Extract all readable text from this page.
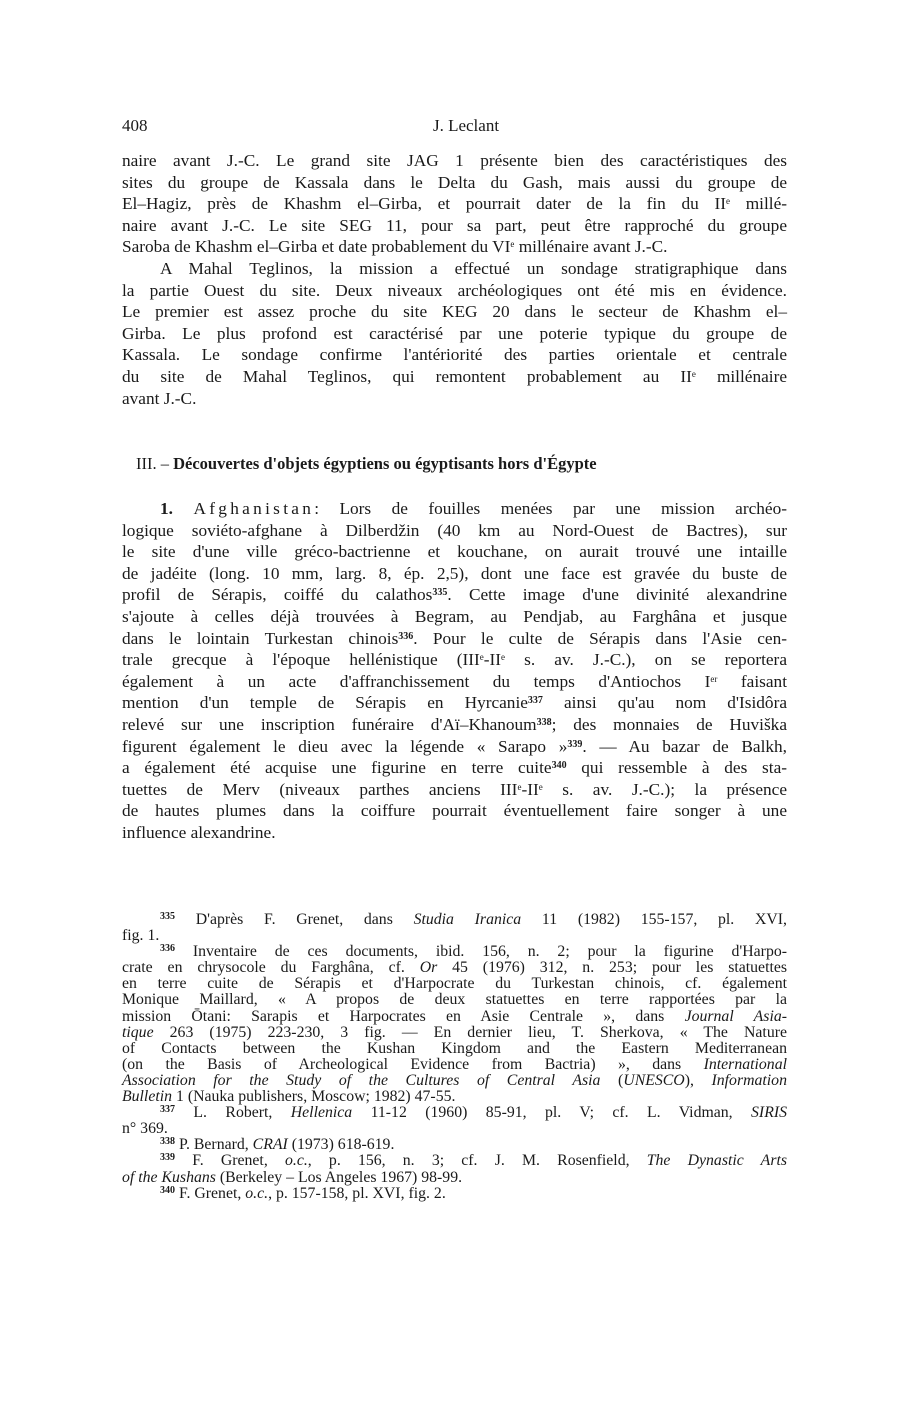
408	J. Leclant
naire avant J.-C. Le grand site JAG 1 présente bien des caractéristiques des
sites du groupe de Kassala dans le Delta du Gash, mais aussi du groupe de
El–Hagiz, près de Khashm el–Girba, et pourrait dater de la fin du IIe millé-
naire avant J.-C. Le site SEG 11, pour sa part, peut être rapproché du groupe
Saroba de Khashm el–Girba et date probablement du VIe millénaire avant J.-C.
A Mahal Teglinos, la mission a effectué un sondage stratigraphique dans
la partie Ouest du site. Deux niveaux archéologiques ont été mis en évidence.
Le premier est assez proche du site KEG 20 dans le secteur de Khashm el–
Girba. Le plus profond est caractérisé par une poterie typique du groupe de
Kassala. Le sondage confirme l'antériorité des parties orientale et centrale
du site de Mahal Teglinos, qui remontent probablement au IIe millénaire
avant J.-C.
III. – Découvertes d'objets égyptiens ou égyptisants hors d'Égypte
1. Afghanistan: Lors de fouilles menées par une mission archéo-
logique soviéto-afghane à Dilberdžin (40 km au Nord-Ouest de Bactres), sur
le site d'une ville gréco-bactrienne et kouchane, on aurait trouvé une intaille
de jadéite (long. 10 mm, larg. 8, ép. 2,5), dont une face est gravée du buste de
profil de Sérapis, coiffé du calathos$^{335}$. Cette image d'une divinité alexandrine
s'ajoute à celles déjà trouvées à Begram, au Pendjab, au Farghâna et jusque
dans le lointain Turkestan chinois$^{336}$. Pour le culte de Sérapis dans l'Asie cen-
trale grecque à l'époque hellénistique (IIIe-IIe s. av. J.-C.), on se reportera
également à un acte d'affranchissement du temps d'Antiochos Ier faisant
mention d'un temple de Sérapis en Hyrcanie$^{337}$ ainsi qu'au nom d'Isidôra
relevé sur une inscription funéraire d'Aï–Khanoum$^{338}$; des monnaies de Huviška
figurent également le dieu avec la légende « Sarapo »$^{339}$. — Au bazar de Balkh,
a également été acquise une figurine en terre cuite$^{340}$ qui ressemble à des sta-
tuettes de Merv (niveaux parthes anciens IIIe-IIe s. av. J.-C.); la présence
de hautes plumes dans la coiffure pourrait éventuellement faire songer à une
influence alexandrine.
$^{335}$ D'après F. Grenet, dans Studia Iranica 11 (1982) 155-157, pl. XVI,
fig. 1.
$^{336}$ Inventaire de ces documents, ibid. 156, n. 2; pour la figurine d'Harpo-
crate en chrysocole du Farghâna, cf. Or 45 (1976) 312, n. 253; pour les statuettes
en terre cuite de Sérapis et d'Harpocrate du Turkestan chinois, cf. également
Monique Maillard, « A propos de deux statuettes en terre rapportées par la
mission Ōtani: Sarapis et Harpocrates en Asie Centrale », dans Journal Asia-
tique 263 (1975) 223-230, 3 fig. — En dernier lieu, T. Sherkova, « The Nature
of Contacts between the Kushan Kingdom and the Eastern Mediterranean
(on the Basis of Archeological Evidence from Bactria) », dans International
Association for the Study of the Cultures of Central Asia (UNESCO), Information
Bulletin 1 (Nauka publishers, Moscow; 1982) 47-55.
$^{337}$ L. Robert, Hellenica 11-12 (1960) 85-91, pl. V; cf. L. Vidman, SIRIS
n° 369.
$^{338}$ P. Bernard, CRAI (1973) 618-619.
$^{339}$ F. Grenet, o.c., p. 156, n. 3; cf. J. M. Rosenfield, The Dynastic Arts
of the Kushans (Berkeley – Los Angeles 1967) 98-99.
$^{340}$ F. Grenet, o.c., p. 157-158, pl. XVI, fig. 2.
